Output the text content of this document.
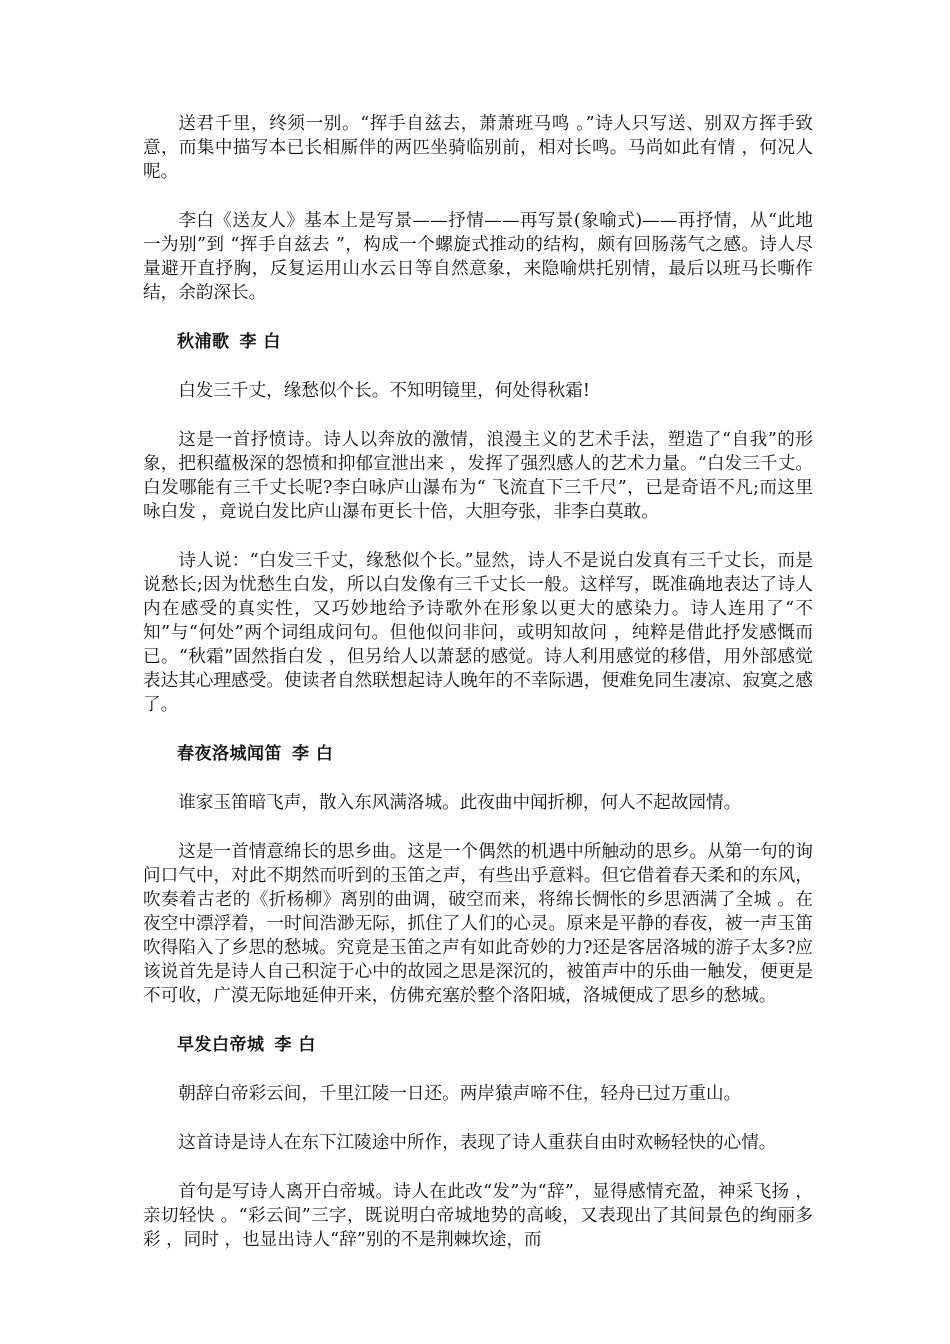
送君千里，终须一别。“挥手自兹去，萧萧班马鸣 。”诗人只写送、别双方挥手致意，而集中描写本已长相厮伴的两匹坐骑临别前，相对长鸣。马尚如此有情 ，何况人呢。

李白《送友人》基本上是写景——抒情——再写景(象喻式)——再抒情，从“此地一为别”到 “挥手自兹去 ”，构成一个螺旋式推动的结构，颇有回肠荡气之感。诗人尽量避开直抒胸，反复运用山水云日等自然意象，来隐喻烘托别情，最后以班马长嘶作结，余韵深长。

秋浦歌 李 白

白发三千丈，缘愁似个长。不知明镜里，何处得秋霜!

这是一首抒愤诗。诗人以奔放的激情，浪漫主义的艺术手法，塑造了“自我”的形象，把积蕴极深的怨愤和抑郁宣泄出来 ，发挥了强烈感人的艺术力量。“白发三千丈。白发哪能有三千丈长呢?李白咏庐山瀑布为“ 飞流直下三千尺”，已是奇语不凡;而这里咏白发 ，竟说白发比庐山瀑布更长十倍，大胆夸张，非李白莫敢。

诗人说：“白发三千丈，缘愁似个长。”显然，诗人不是说白发真有三千丈长，而是说愁长;因为忧愁生白发，所以白发像有三千丈长一般。这样写，既准确地表达了诗人内在感受的真实性，又巧妙地给予诗歌外在形象以更大的感染力。诗人连用了“不知”与“何处”两个词组成问句。但他似问非问，或明知故问 ，纯粹是借此抒发感慨而已。“秋霜”固然指白发 ，但另给人以萧瑟的感觉。诗人利用感觉的移借，用外部感觉表达其心理感受。使读者自然联想起诗人晚年的不幸际遇，便难免同生凄凉、寂寞之感了。

春夜洛城闻笛 李 白

谁家玉笛暗飞声，散入东风满洛城。此夜曲中闻折柳，何人不起故园情。

这是一首情意绵长的思乡曲。这是一个偶然的机遇中所触动的思乡。从第一句的询问口气中，对此不期然而听到的玉笛之声，有些出乎意料。但它借着春天柔和的东风，吹奏着古老的《折杨柳》离别的曲调，破空而来，将绵长惆怅的乡思洒满了全城 。在夜空中漂浮着，一时间浩渺无际，抓住了人们的心灵。原来是平静的春夜，被一声玉笛吹得陷入了乡思的愁城。究竟是玉笛之声有如此奇妙的力?还是客居洛城的游子太多?应该说首先是诗人自己积淀于心中的故园之思是深沉的，被笛声中的乐曲一触发，便更是不可收，广漠无际地延伸开来，仿佛充塞於整个洛阳城，洛城便成了思乡的愁城。

早发白帝城 李 白

朝辞白帝彩云间，千里江陵一日还。两岸猿声啼不住，轻舟已过万重山。

这首诗是诗人在东下江陵途中所作，表现了诗人重获自由时欢畅轻快的心情。

首句是写诗人离开白帝城。诗人在此改“发”为“辞”，显得感情充盈，神采飞扬 ，亲切轻快 。“彩云间”三字，既说明白帝城地势的高峻，又表现出了其间景色的绚丽多彩 ，同时 ，也显出诗人“辞”别的不是荆棘坎途，而
